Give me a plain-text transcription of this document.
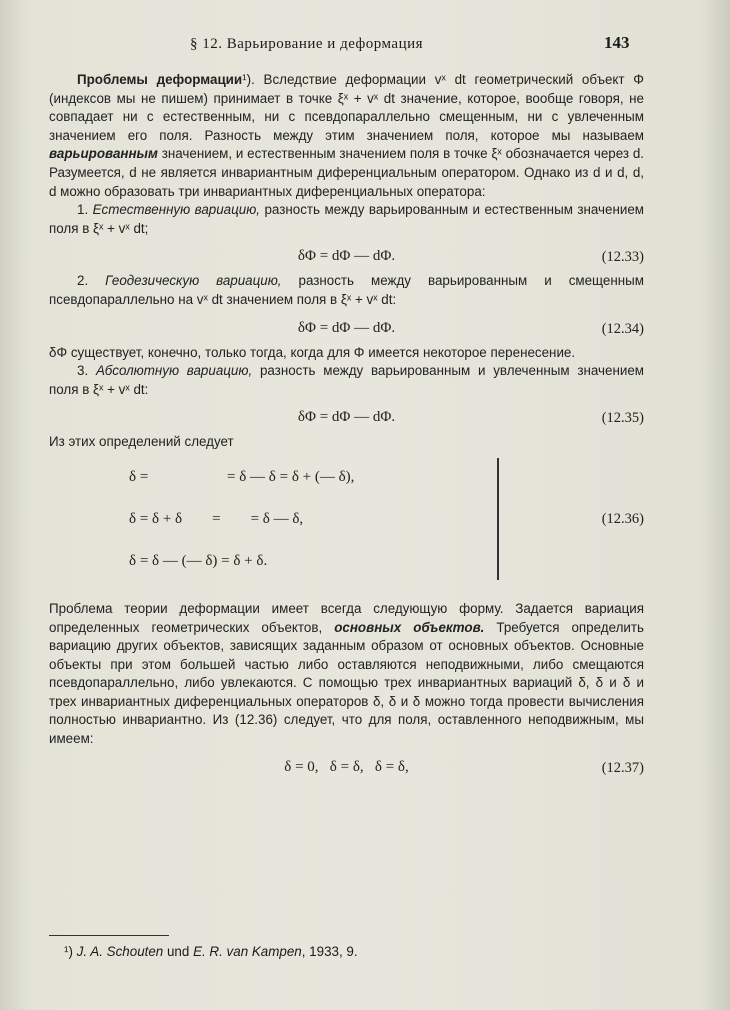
§ 12. Варьирование и деформация	143

Проблемы деформации¹). Вследствие деформации vˣ dt геометрический объект Φ (индексов мы не пишем) принимает в точке ξˣ + vˣ dt значение, которое, вообще говоря, не совпадает ни с естественным, ни с псевдопараллельно смещенным, ни с увлеченным значением его поля. Разность между этим значением поля, которое мы называем варьированным значением, и естественным значением поля в точке ξˣ обозначается через d. Разумеется, d не является инвариантным диференциальным оператором. Однако из d и d, d, d можно образовать три инвариантных диференциальных оператора:

1. Естественную вариацию, разность между варьированным и естественным значением поля в ξˣ + vˣ dt;

δΦ = dΦ — dΦ.	(12.33)

2. Геодезическую вариацию, разность между варьированным и смещенным псевдопараллельно на vˣ dt значением поля в ξˣ + vˣ dt:

δΦ = dΦ — dΦ.	(12.34)

δΦ существует, конечно, только тогда, когда для Φ имеется некоторое перенесение.

3. Абсолютную вариацию, разность между варьированным и увлеченным значением поля в ξˣ + vˣ dt:

δΦ = dΦ — dΦ.	(12.35)

Из этих определений следует

δ =                     = δ — δ = δ + (— δ),
δ = δ + δ        =        = δ — δ,
δ = δ — (— δ) = δ + δ.
(12.36)

Проблема теории деформации имеет всегда следующую форму. Задается вариация определенных геометрических объектов, основных объектов. Требуется определить вариацию других объектов, зависящих заданным образом от основных объектов. Основные объекты при этом большей частью либо оставляются неподвижными, либо смещаются псевдопараллельно, либо увлекаются. С помощью трех инвариантных вариаций δ, δ и δ и трех инвариантных диференциальных операторов δ, δ и δ можно тогда провести вычисления полностью инвариантно. Из (12.36) следует, что для поля, оставленного неподвижным, мы имеем:

δ = 0,   δ = δ,   δ = δ,	(12.37)
¹) J. A. Schouten und E. R. van Kampen, 1933, 9.
